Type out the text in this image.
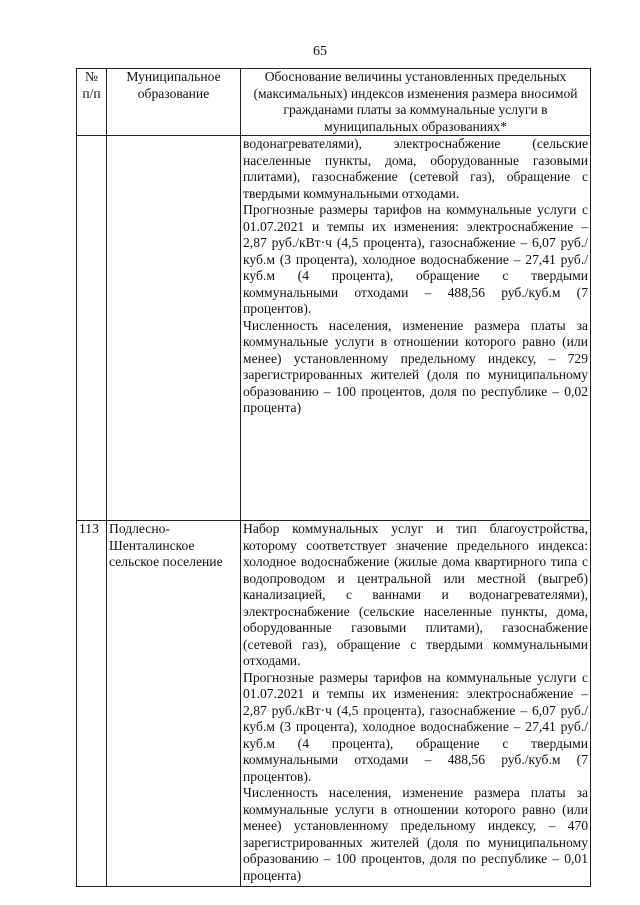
65
№ п/п	Муниципальное образование	Обоснование величины установленных предельных (максимальных) индексов изменения размера вносимой гражданами платы за коммунальные услуги в муниципальных образованиях*

		водонагревателями), электроснабжение (сельские населенные пункты, дома, оборудованные газовыми плитами), газоснабжение (сетевой газ), обращение с твердыми коммунальными отходами.

Прогнозные размеры тарифов на коммунальные услуги с 01.07.2021 и темпы их изменения: электроснабжение – 2,87 руб./кВт·ч (4,5 процента), газоснабжение – 6,07 руб./куб.м (3 процента), холодное водоснабжение – 27,41 руб./куб.м (4 процента), обращение с твердыми коммунальными отходами – 488,56 руб./куб.м (7 процентов).

Численность населения, изменение размера платы за коммунальные услуги в отношении которого равно (или менее) установленному предельному индексу, – 729 зарегистрированных жителей (доля по муниципальному образованию – 100 процентов, доля по республике – 0,02 процента)

113	Подлесно-Шенталинское сельское поселение	Набор коммунальных услуг и тип благоустройства, которому соответствует значение предельного индекса: холодное водоснабжение (жилые дома квартирного типа с водопроводом и центральной или местной (выгреб) канализацией, с ваннами и водонагревателями), электроснабжение (сельские населенные пункты, дома, оборудованные газовыми плитами), газоснабжение (сетевой газ), обращение с твердыми коммунальными отходами.

Прогнозные размеры тарифов на коммунальные услуги с 01.07.2021 и темпы их изменения: электроснабжение – 2,87 руб./кВт·ч (4,5 процента), газоснабжение – 6,07 руб./куб.м (3 процента), холодное водоснабжение – 27,41 руб./куб.м (4 процента), обращение с твердыми коммунальными отходами – 488,56 руб./куб.м (7 процентов).

Численность населения, изменение размера платы за коммунальные услуги в отношении которого равно (или менее) установленному предельному индексу, – 470 зарегистрированных жителей (доля по муниципальному образованию – 100 процентов, доля по республике – 0,01 процента)
